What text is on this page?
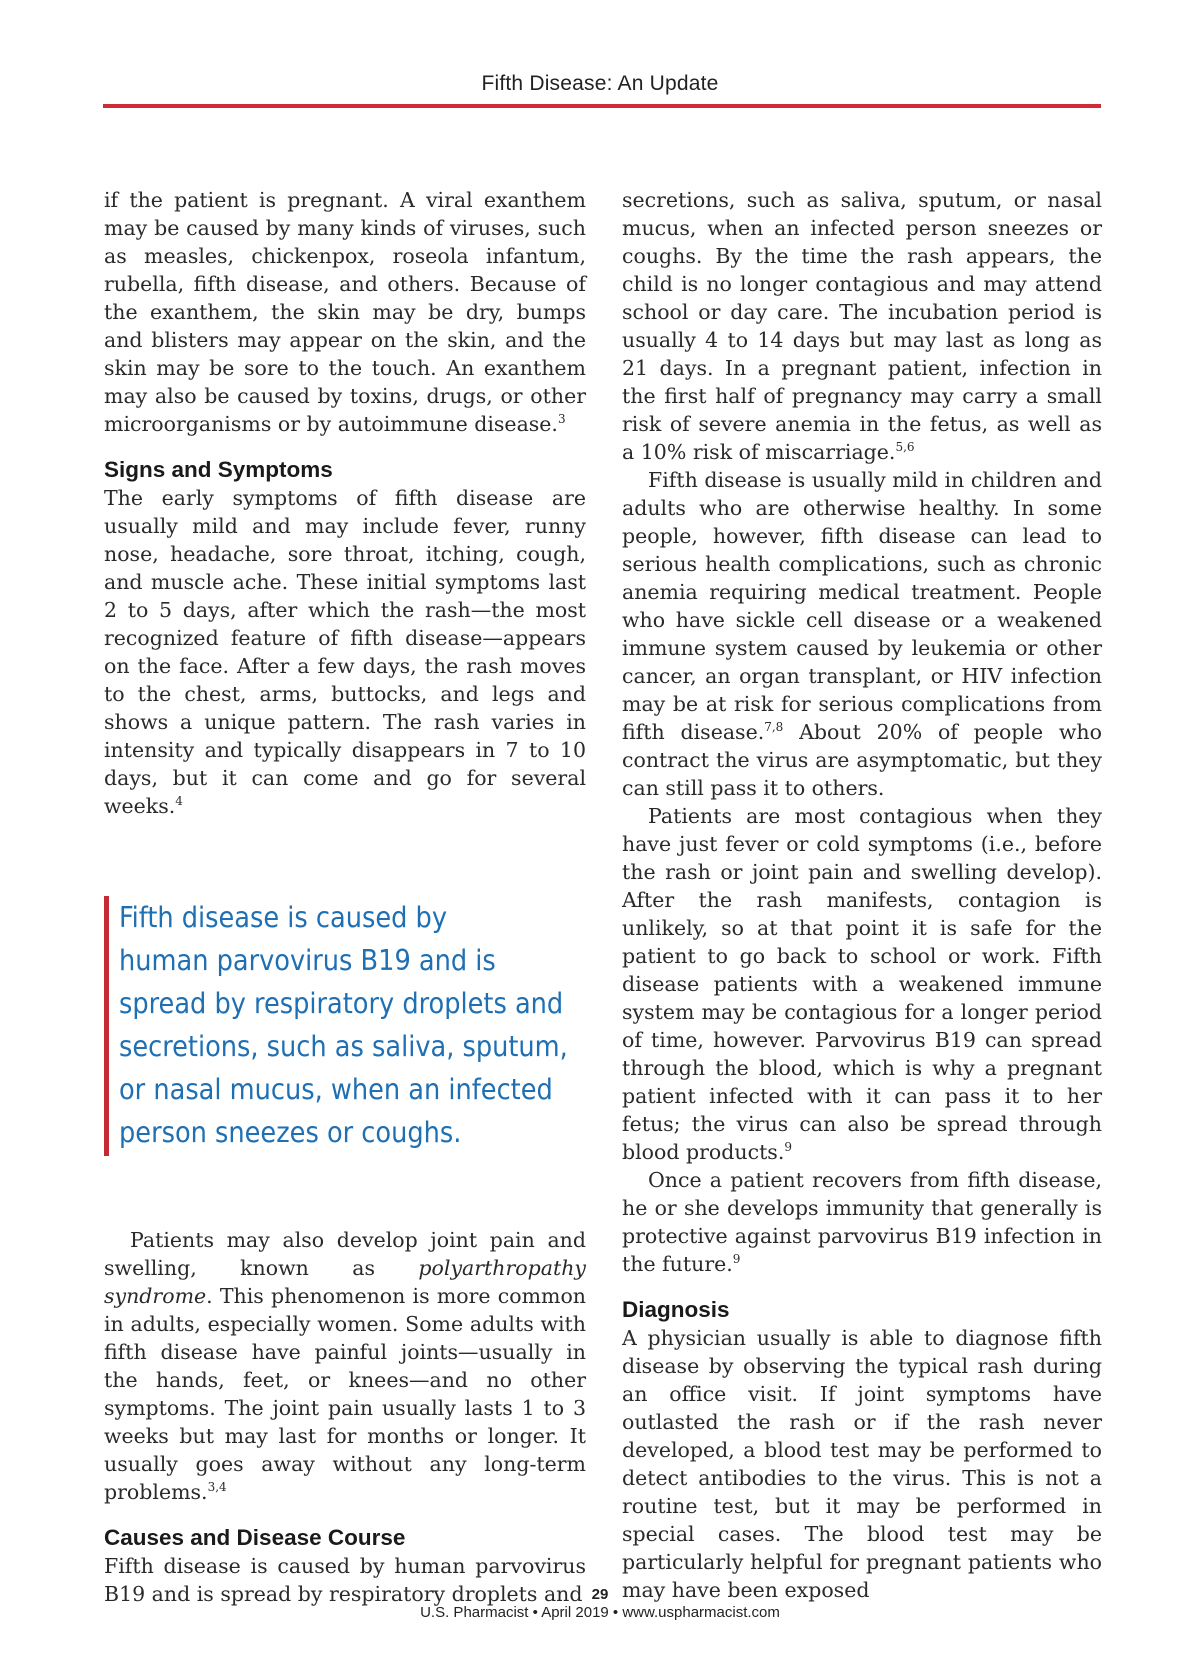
Fifth Disease: An Update

if the patient is pregnant. A viral exanthem may be caused by many kinds of viruses, such as measles, chickenpox, roseola infantum, rubella, fifth disease, and others. Because of the exanthem, the skin may be dry, bumps and blisters may appear on the skin, and the skin may be sore to the touch. An exanthem may also be caused by toxins, drugs, or other microorganisms or by autoimmune disease.$^3$

Signs and Symptoms

The early symptoms of fifth disease are usually mild and may include fever, runny nose, headache, sore throat, itching, cough, and muscle ache. These initial symptoms last 2 to 5 days, after which the rash—the most recognized feature of fifth disease—appears on the face. After a few days, the rash moves to the chest, arms, buttocks, and legs and shows a unique pattern. The rash varies in intensity and typically disappears in 7 to 10 days, but it can come and go for several weeks.$^4$

Fifth disease is caused by
human parvovirus B19 and is
spread by respiratory droplets and
secretions, such as saliva, sputum,
or nasal mucus, when an infected
person sneezes or coughs.

Patients may also develop joint pain and swelling, known as polyarthropathy syndrome. This phenomenon is more common in adults, especially women. Some adults with fifth disease have painful joints—usually in the hands, feet, or knees—and no other symptoms. The joint pain usually lasts 1 to 3 weeks but may last for months or longer. It usually goes away without any long-term problems.$^{3,4}$

Causes and Disease Course

Fifth disease is caused by human parvovirus B19 and is spread by respiratory droplets and

secretions, such as saliva, sputum, or nasal mucus, when an infected person sneezes or coughs. By the time the rash appears, the child is no longer contagious and may attend school or day care. The incubation period is usually 4 to 14 days but may last as long as 21 days. In a pregnant patient, infection in the first half of pregnancy may carry a small risk of severe anemia in the fetus, as well as a 10% risk of miscarriage.$^{5,6}$

Fifth disease is usually mild in children and adults who are otherwise healthy. In some people, however, fifth disease can lead to serious health complications, such as chronic anemia requiring medical treatment. People who have sickle cell disease or a weakened immune system caused by leukemia or other cancer, an organ transplant, or HIV infection may be at risk for serious complications from fifth disease.$^{7,8}$ About 20% of people who contract the virus are asymptomatic, but they can still pass it to others.

Patients are most contagious when they have just fever or cold symptoms (i.e., before the rash or joint pain and swelling develop). After the rash manifests, contagion is unlikely, so at that point it is safe for the patient to go back to school or work. Fifth disease patients with a weakened immune system may be contagious for a longer period of time, however. Parvovirus B19 can spread through the blood, which is why a pregnant patient infected with it can pass it to her fetus; the virus can also be spread through blood products.$^9$

Once a patient recovers from fifth disease, he or she develops immunity that generally is protective against parvovirus B19 infection in the future.$^9$

Diagnosis

A physician usually is able to diagnose fifth disease by observing the typical rash during an office visit. If joint symptoms have outlasted the rash or if the rash never developed, a blood test may be performed to detect antibodies to the virus. This is not a routine test, but it may be performed in special cases. The blood test may be particularly helpful for pregnant patients who may have been exposed

29
U.S. Pharmacist • April 2019 • www.uspharmacist.com
